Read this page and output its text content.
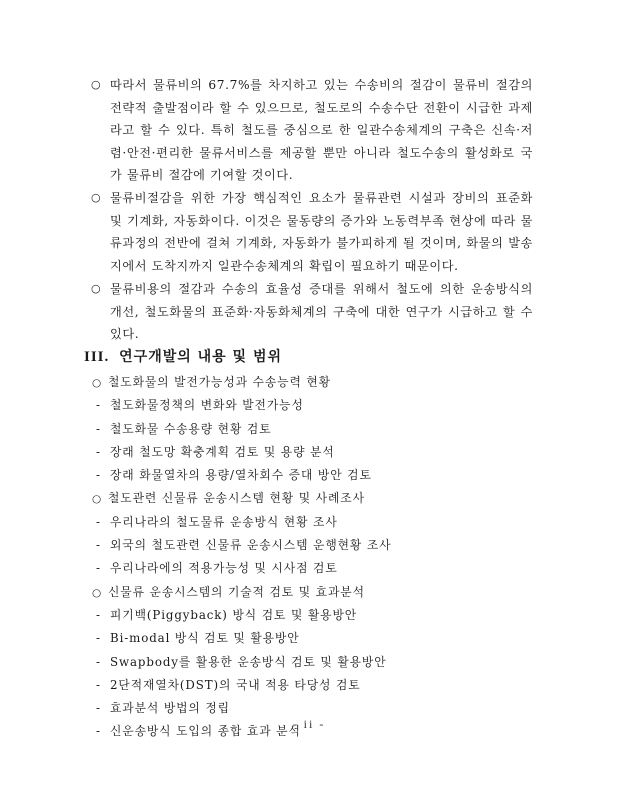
○ 따라서 물류비의 67.7%를 차지하고 있는 수송비의 절감이 물류비 절감의 전략적 출발점이라 할 수 있으므로, 철도로의 수송수단 전환이 시급한 과제라고 할 수 있다. 특히 철도를 중심으로 한 일관수송체계의 구축은 신속·저렴·안전·편리한 물류서비스를 제공할 뿐만 아니라 철도수송의 활성화로 국가 물류비 절감에 기여할 것이다.
○ 물류비절감을 위한 가장 핵심적인 요소가 물류관련 시설과 장비의 표준화 및 기계화, 자동화이다. 이것은 물동량의 증가와 노동력부족 현상에 따라 물류과정의 전반에 걸쳐 기계화, 자동화가 불가피하게 될 것이며, 화물의 발송지에서 도착지까지 일관수송체계의 확립이 필요하기 때문이다.
○ 물류비용의 절감과 수송의 효율성 증대를 위해서 철도에 의한 운송방식의 개선, 철도화물의 표준화·자동화체계의 구축에 대한 연구가 시급하고 할 수 있다.
III. 연구개발의 내용 및 범위
○ 철도화물의 발전가능성과 수송능력 현황
- 철도화물정책의 변화와 발전가능성
- 철도화물 수송용량 현황 검토
- 장래 철도망 확충계획 검토 및 용량 분석
- 장래 화물열차의 용량/열차회수 증대 방안 검토
○ 철도관련 신물류 운송시스템 현황 및 사례조사
- 우리나라의 철도물류 운송방식 현황 조사
- 외국의 철도관련 신물류 운송시스템 운행현황 조사
- 우리나라에의 적용가능성 및 시사점 검토
○ 신물류 운송시스템의 기술적 검토 및 효과분석
- 피기백(Piggyback) 방식 검토 및 활용방안
- Bi-modal 방식 검토 및 활용방안
- Swapbody를 활용한 운송방식 검토 및 활용방안
- 2단적재열차(DST)의 국내 적용 타당성 검토
- 효과분석 방법의 정립
- 신운송방식 도입의 종합 효과 분석
- ii -
